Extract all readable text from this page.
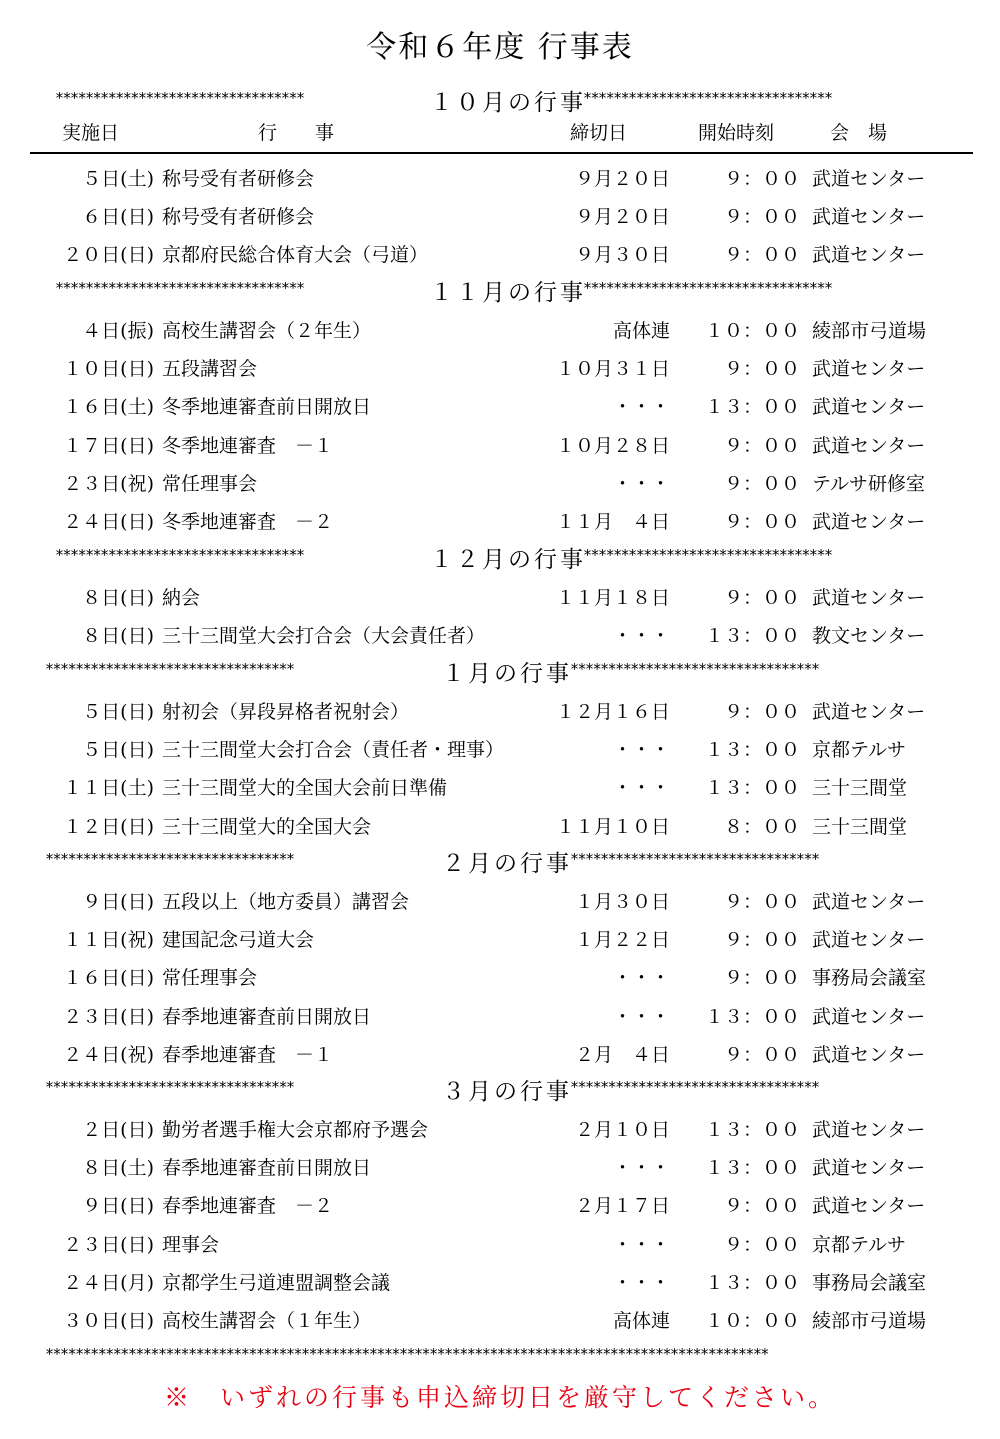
令和６年度 行事表
実施日	行　　事	締切日	開始時刻	会　場
*********************************	１０月の行事
*********************************
５日(土) 称号受有者研修会	９月２０日	９：００ 武道センター
６日(日) 称号受有者研修会	９月２０日	９：００ 武道センター
２０日(日) 京都府民総合体育大会（弓道）	９月３０日	９：００ 武道センター
*********************************	１１月の行事
*********************************
４日(振) 高校生講習会（２年生）	高体連	１０：００ 綾部市弓道場
１０日(日) 五段講習会	１０月３１日	９：００ 武道センター
１６日(土) 冬季地連審査前日開放日	・・・	１３：００ 武道センター
１７日(日) 冬季地連審査　－１	１０月２８日	９：００ 武道センター
２３日(祝) 常任理事会	・・・	９：００ テルサ研修室
２４日(日) 冬季地連審査　－２	１１月　４日	９：００ 武道センター
*********************************	１２月の行事
*********************************
８日(日) 納会	１１月１８日	９：００ 武道センター
８日(日) 三十三間堂大会打合会（大会責任者）	・・・	１３：００ 教文センター
*********************************	１月の行事
*********************************
５日(日) 射初会（昇段昇格者祝射会）	１２月１６日	９：００ 武道センター
５日(日) 三十三間堂大会打合会（責任者・理事）	・・・	１３：００ 京都テルサ
１１日(土) 三十三間堂大的全国大会前日準備	・・・	１３：００ 三十三間堂
１２日(日) 三十三間堂大的全国大会	１１月１０日	８：００ 三十三間堂
*********************************	２月の行事
*********************************
９日(日) 五段以上（地方委員）講習会	１月３０日	９：００ 武道センター
１１日(祝) 建国記念弓道大会	１月２２日	９：００ 武道センター
１６日(日) 常任理事会	・・・	９：００ 事務局会議室
２３日(日) 春季地連審査前日開放日	・・・	１３：００ 武道センター
２４日(祝) 春季地連審査　－１	２月　４日	９：００ 武道センター
*********************************	３月の行事
*********************************
２日(日) 勤労者選手権大会京都府予選会	２月１０日	１３：００ 武道センター
８日(土) 春季地連審査前日開放日	・・・	１３：００ 武道センター
９日(日) 春季地連審査　－２	２月１７日	９：００ 武道センター
２３日(日) 理事会	・・・	９：００ 京都テルサ
２４日(月) 京都学生弓道連盟調整会議	・・・	１３：００ 事務局会議室
３０日(日) 高校生講習会（１年生）	高体連	１０：００ 綾部市弓道場
************************************************************************************************
※　いずれの行事も申込締切日を厳守してください。
